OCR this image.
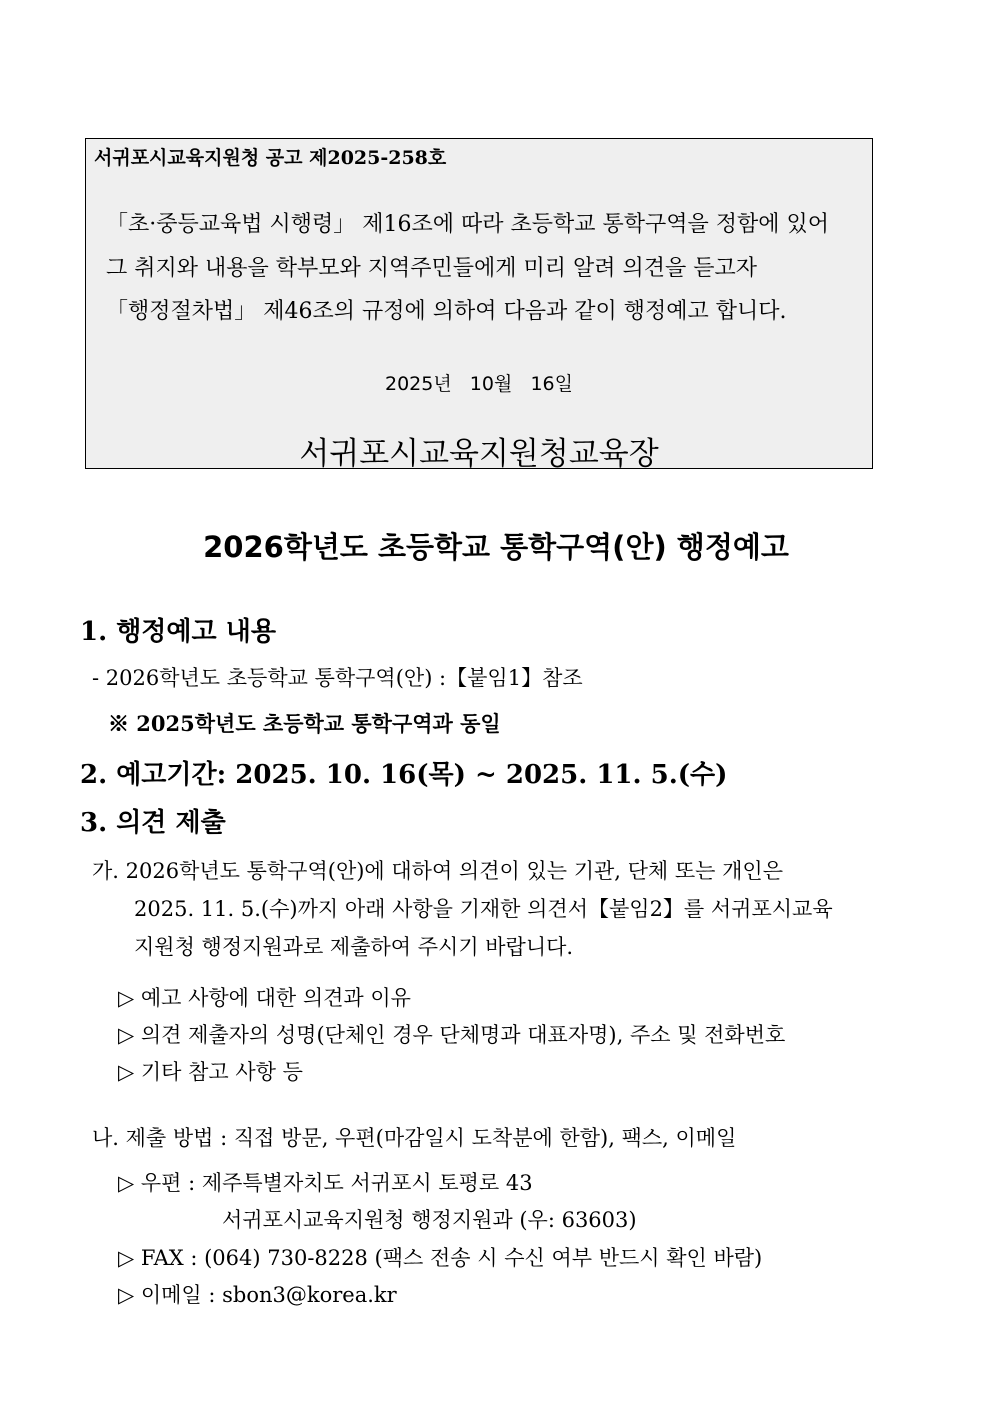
서귀포시교육지원청 공고 제2025-258호
「초·중등교육법 시행령」 제16조에 따라 초등학교 통학구역을 정함에 있어
그 취지와 내용을 학부모와 지역주민들에게 미리 알려 의견을 듣고자
「행정절차법」 제46조의 규정에 의하여 다음과 같이 행정예고 합니다.
2025년   10월   16일
서귀포시교육지원청교육장
2026학년도 초등학교 통학구역(안) 행정예고
1. 행정예고 내용
- 2026학년도 초등학교 통학구역(안) :【붙임1】참조
※ 2025학년도 초등학교 통학구역과 동일
2. 예고기간: 2025. 10. 16(목) ~ 2025. 11. 5.(수)
3. 의견 제출
가. 2026학년도 통학구역(안)에 대하여 의견이 있는 기관, 단체 또는 개인은
2025. 11. 5.(수)까지 아래 사항을 기재한 의견서【붙임2】를 서귀포시교육
지원청 행정지원과로 제출하여 주시기 바랍니다.
▷ 예고 사항에 대한 의견과 이유
▷ 의견 제출자의 성명(단체인 경우 단체명과 대표자명), 주소 및 전화번호
▷ 기타 참고 사항 등
나. 제출 방법 : 직접 방문, 우편(마감일시 도착분에 한함), 팩스, 이메일
▷ 우편 : 제주특별자치도 서귀포시 토평로 43
서귀포시교육지원청 행정지원과 (우: 63603)
▷ FAX : (064) 730-8228 (팩스 전송 시 수신 여부 반드시 확인 바람)
▷ 이메일 : sbon3@korea.kr
